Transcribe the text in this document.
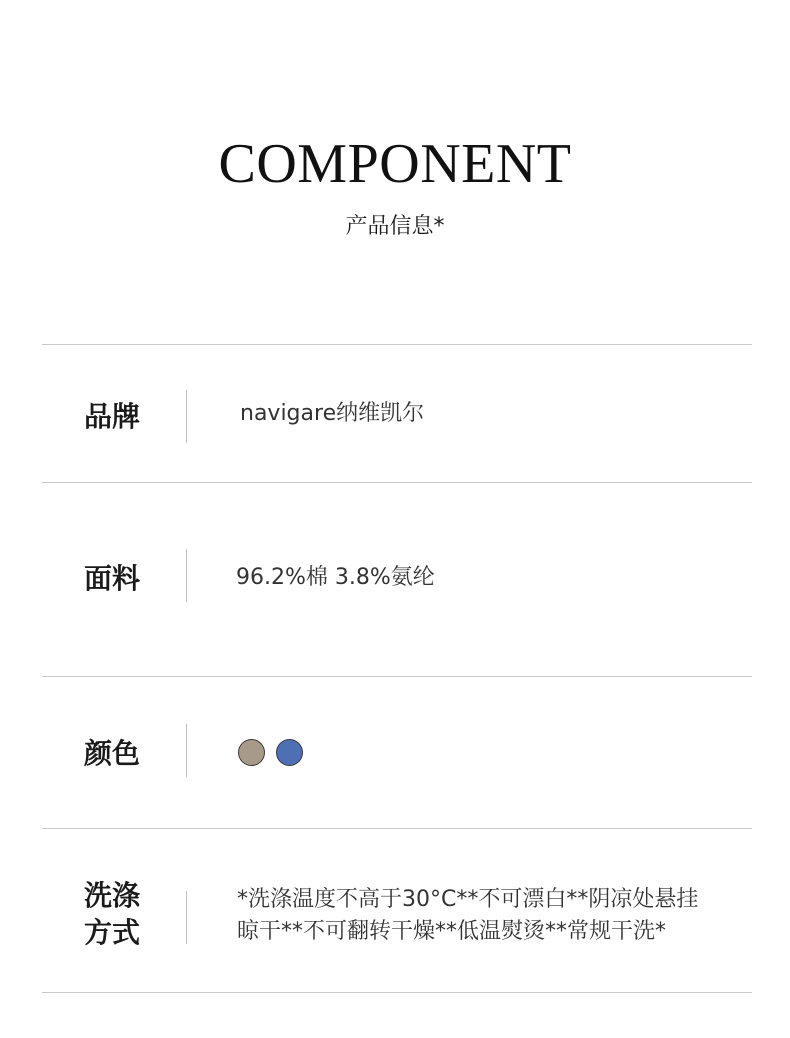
COMPONENT
产品信息*
品牌	navigare纳维凯尔
面料	96.2%棉 3.8%氨纶
颜色
洗涤
方式
*洗涤温度不高于30°C**不可漂白**阴凉处悬挂
晾干**不可翻转干燥**低温熨烫**常规干洗*
